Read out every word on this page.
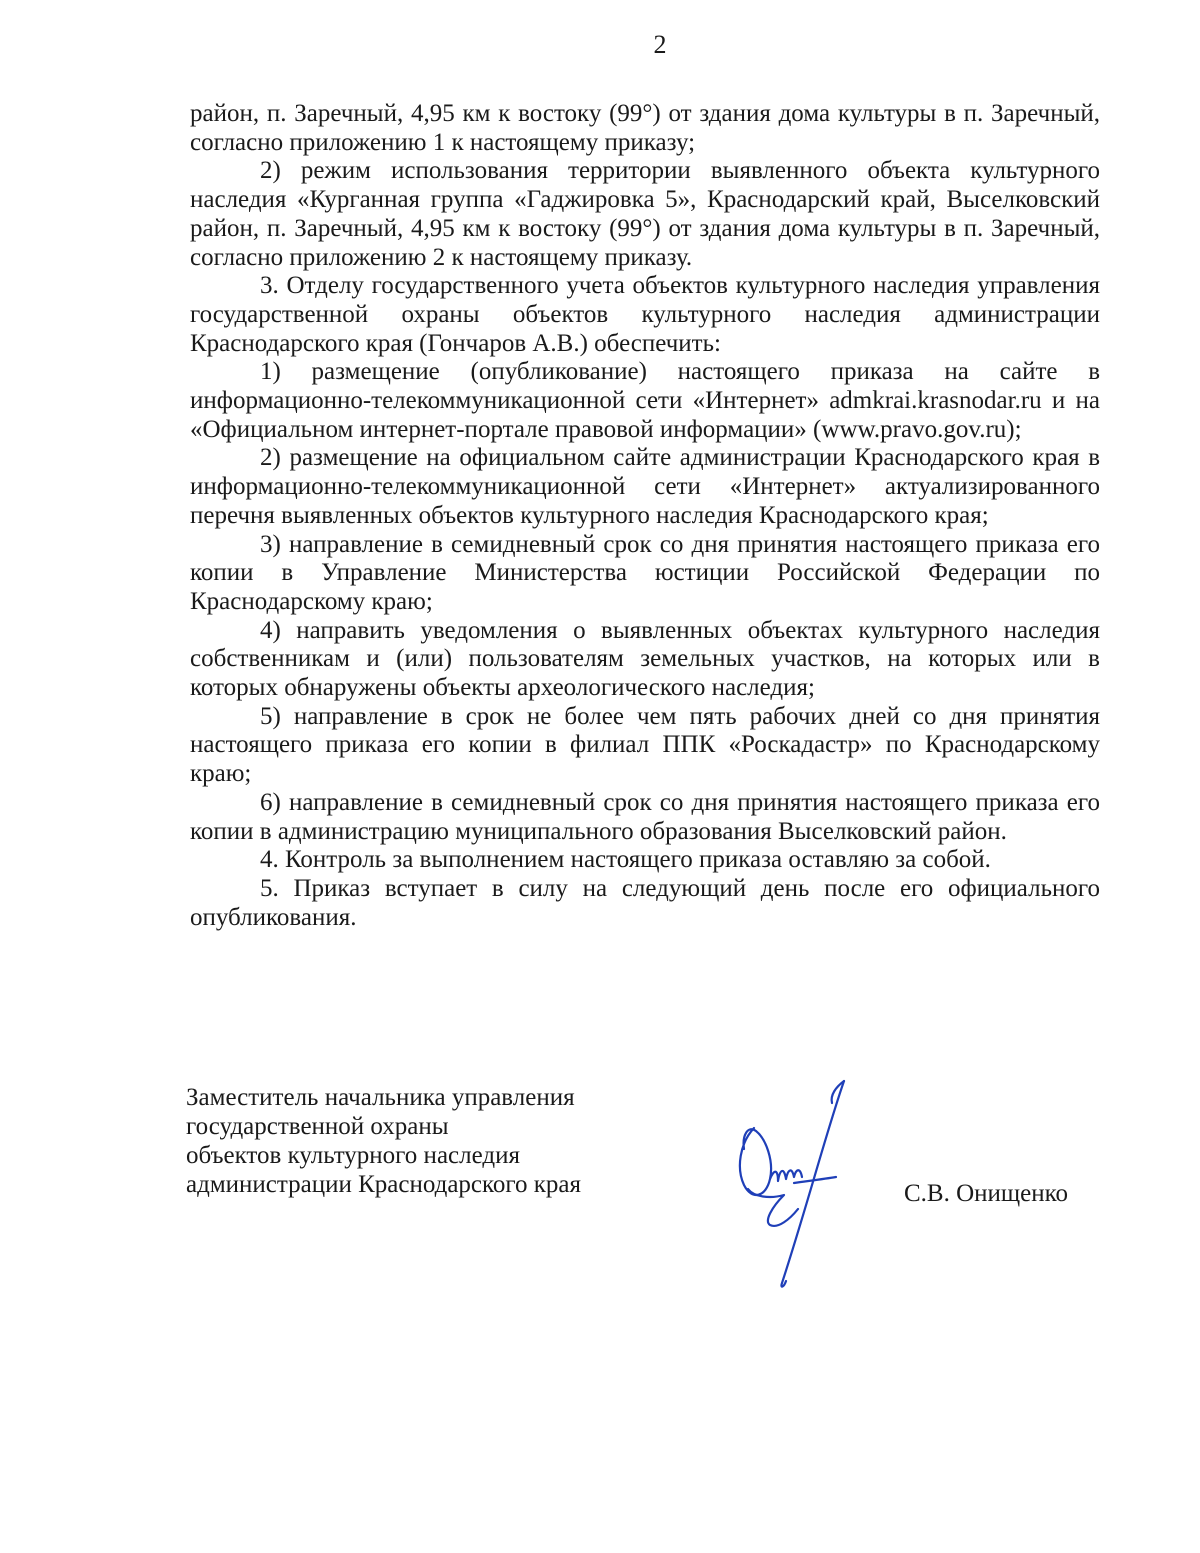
2

район, п. Заречный, 4,95 км к востоку (99°) от здания дома культуры в п. Заречный, согласно приложению 1 к настоящему приказу;

2) режим использования территории выявленного объекта культурного наследия «Курганная группа «Гаджировка 5», Краснодарский край, Выселковский район, п. Заречный, 4,95 км к востоку (99°) от здания дома культуры в п. Заречный, согласно приложению 2 к настоящему приказу.

3. Отделу государственного учета объектов культурного наследия управления государственной охраны объектов культурного наследия администрации Краснодарского края (Гончаров А.В.) обеспечить:

1) размещение (опубликование) настоящего приказа на сайте в информационно-телекоммуникационной сети «Интернет» admkrai.krasnodar.ru и на «Официальном интернет-портале правовой информации» (www.pravo.gov.ru);

2) размещение на официальном сайте администрации Краснодарского края в информационно-телекоммуникационной сети «Интернет» актуализированного перечня выявленных объектов культурного наследия Краснодарского края;

3) направление в семидневный срок со дня принятия настоящего приказа его копии в Управление Министерства юстиции Российской Федерации по Краснодарскому краю;

4) направить уведомления о выявленных объектах культурного наследия собственникам и (или) пользователям земельных участков, на которых или в которых обнаружены объекты археологического наследия;

5) направление в срок не более чем пять рабочих дней со дня принятия настоящего приказа его копии в филиал ППК «Роскадастр» по Краснодарскому краю;

6) направление в семидневный срок со дня принятия настоящего приказа его копии в администрацию муниципального образования Выселковский район.

4. Контроль за выполнением настоящего приказа оставляю за собой.

5. Приказ вступает в силу на следующий день после его официального опубликования.

Заместитель начальника управления
государственной охраны
объектов культурного наследия
администрации Краснодарского края	С.В. Онищенко
